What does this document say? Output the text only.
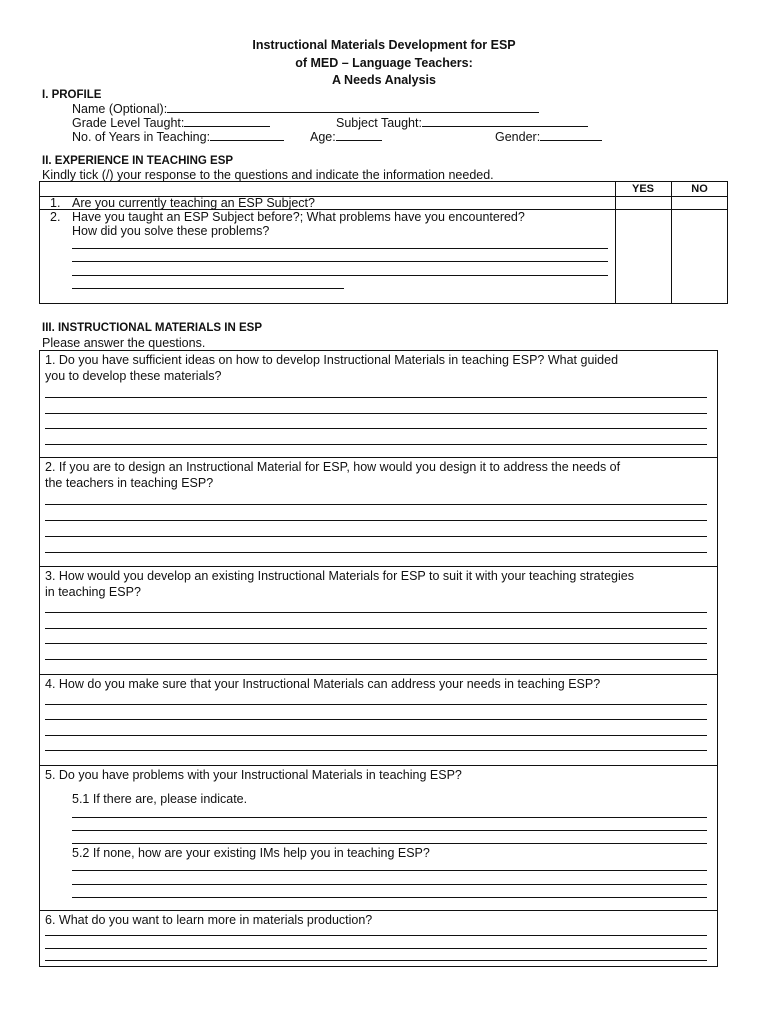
Instructional Materials Development for ESP
of MED – Language Teachers:
A Needs Analysis
I. PROFILE
Name (Optional):
Grade Level Taught:	Subject Taught:
No. of Years in Teaching:	Age:	Gender:
II. EXPERIENCE IN TEACHING ESP
Kindly tick (/) your response to the questions and indicate the information needed.
YES	NO
1. Are you currently teaching an ESP Subject?
2. Have you taught an ESP Subject before?; What problems have you encountered?
How did you solve these problems?
III. INSTRUCTIONAL MATERIALS IN ESP
Please answer the questions.
1. Do you have sufficient ideas on how to develop Instructional Materials in teaching ESP? What guided
you to develop these materials?
2. If you are to design an Instructional Material for ESP, how would you design it to address the needs of
the teachers in teaching ESP?
3. How would you develop an existing Instructional Materials for ESP to suit it with your teaching strategies
in teaching ESP?
4. How do you make sure that your Instructional Materials can address your needs in teaching ESP?
5. Do you have problems with your Instructional Materials in teaching ESP?
5.1 If there are, please indicate.
5.2 If none, how are your existing IMs help you in teaching ESP?
6. What do you want to learn more in materials production?
